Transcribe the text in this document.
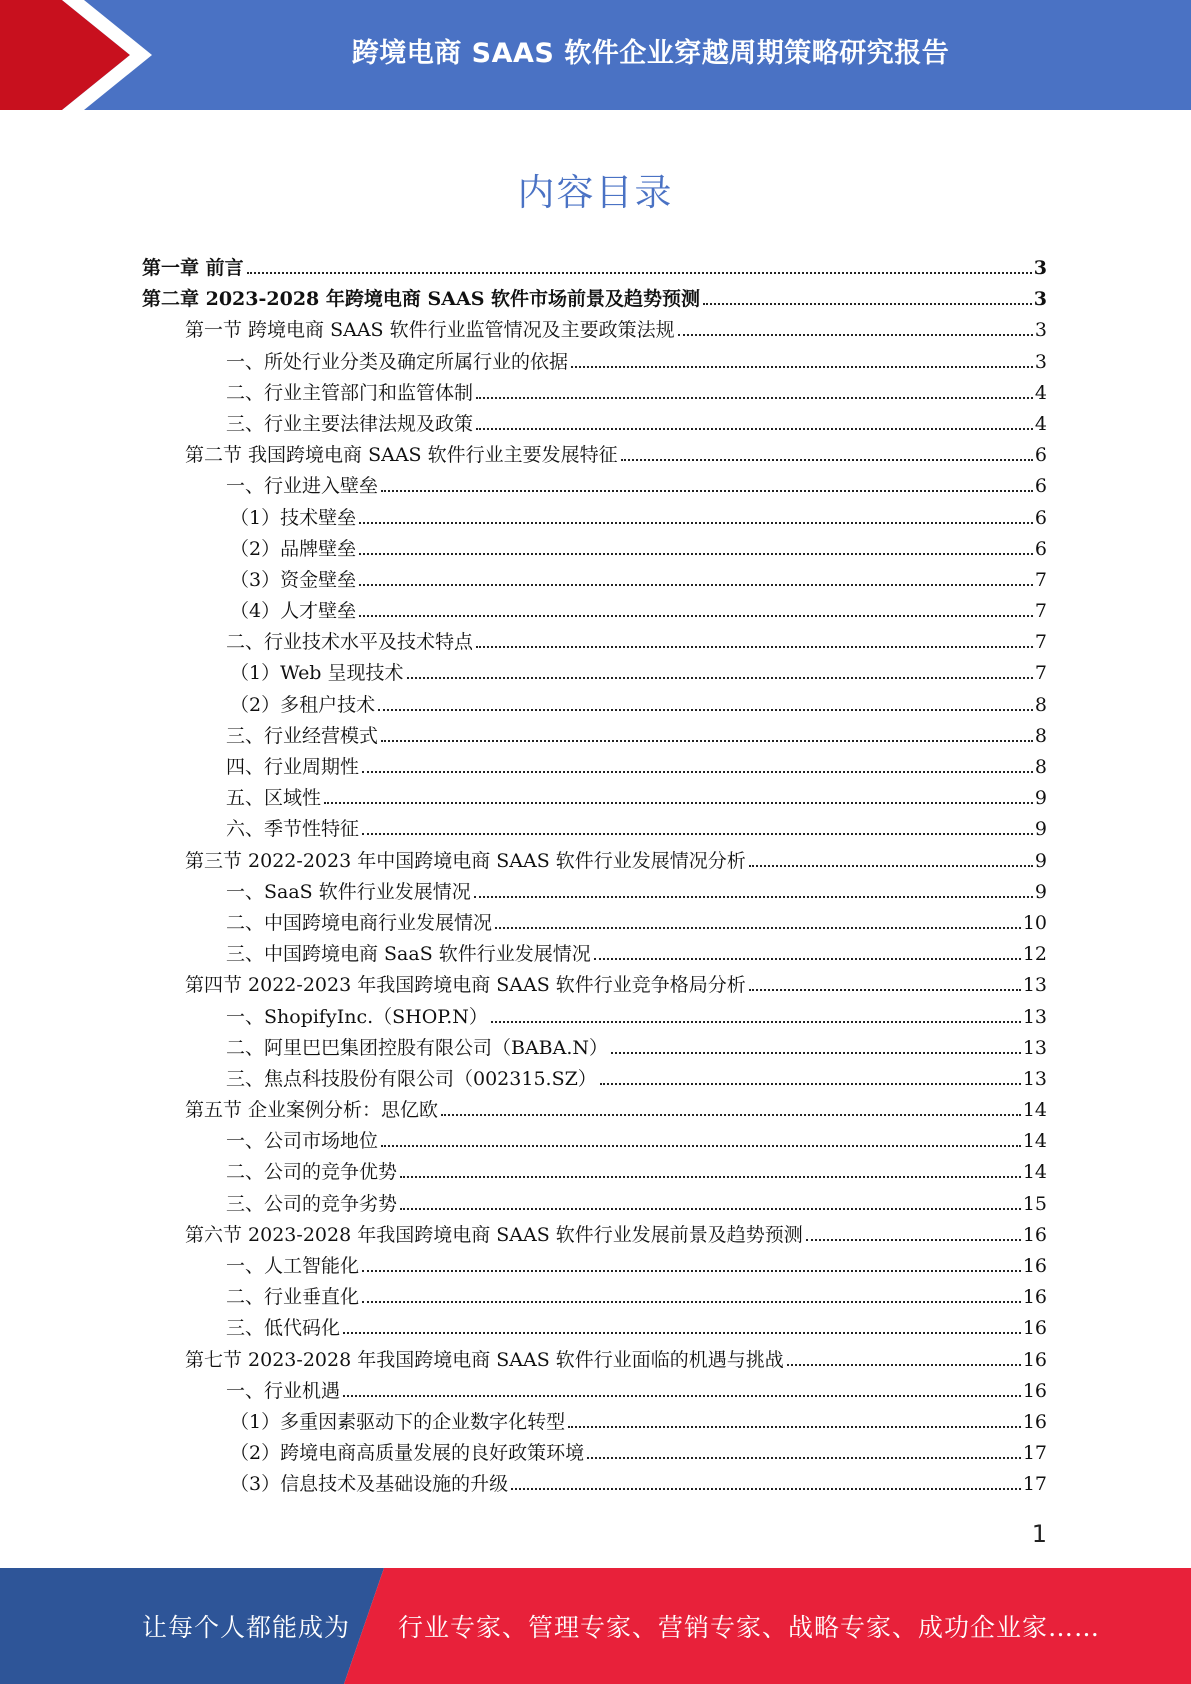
跨境电商 SAAS 软件企业穿越周期策略研究报告
内容目录
第一章 前言	3
第二章 2023-2028 年跨境电商 SAAS 软件市场前景及趋势预测	3
第一节 跨境电商 SAAS 软件行业监管情况及主要政策法规	3
一、所处行业分类及确定所属行业的依据	3
二、行业主管部门和监管体制	4
三、行业主要法律法规及政策	4
第二节 我国跨境电商 SAAS 软件行业主要发展特征	6
一、行业进入壁垒	6
（1）技术壁垒	6
（2）品牌壁垒	6
（3）资金壁垒	7
（4）人才壁垒	7
二、行业技术水平及技术特点	7
（1）Web 呈现技术	7
（2）多租户技术	8
三、行业经营模式	8
四、行业周期性	8
五、区域性	9
六、季节性特征	9
第三节 2022-2023 年中国跨境电商 SAAS 软件行业发展情况分析	9
一、SaaS 软件行业发展情况	9
二、中国跨境电商行业发展情况	10
三、中国跨境电商 SaaS 软件行业发展情况	12
第四节 2022-2023 年我国跨境电商 SAAS 软件行业竞争格局分析	13
一、ShopifyInc.（SHOP.N）	13
二、阿里巴巴集团控股有限公司（BABA.N）	13
三、焦点科技股份有限公司（002315.SZ）	13
第五节 企业案例分析：思亿欧	14
一、公司市场地位	14
二、公司的竞争优势	14
三、公司的竞争劣势	15
第六节 2023-2028 年我国跨境电商 SAAS 软件行业发展前景及趋势预测	16
一、人工智能化	16
二、行业垂直化	16
三、低代码化	16
第七节 2023-2028 年我国跨境电商 SAAS 软件行业面临的机遇与挑战	16
一、行业机遇	16
（1）多重因素驱动下的企业数字化转型	16
（2）跨境电商高质量发展的良好政策环境	17
（3）信息技术及基础设施的升级	17
1
让每个人都能成为 行业专家、管理专家、营销专家、战略专家、成功企业家……
